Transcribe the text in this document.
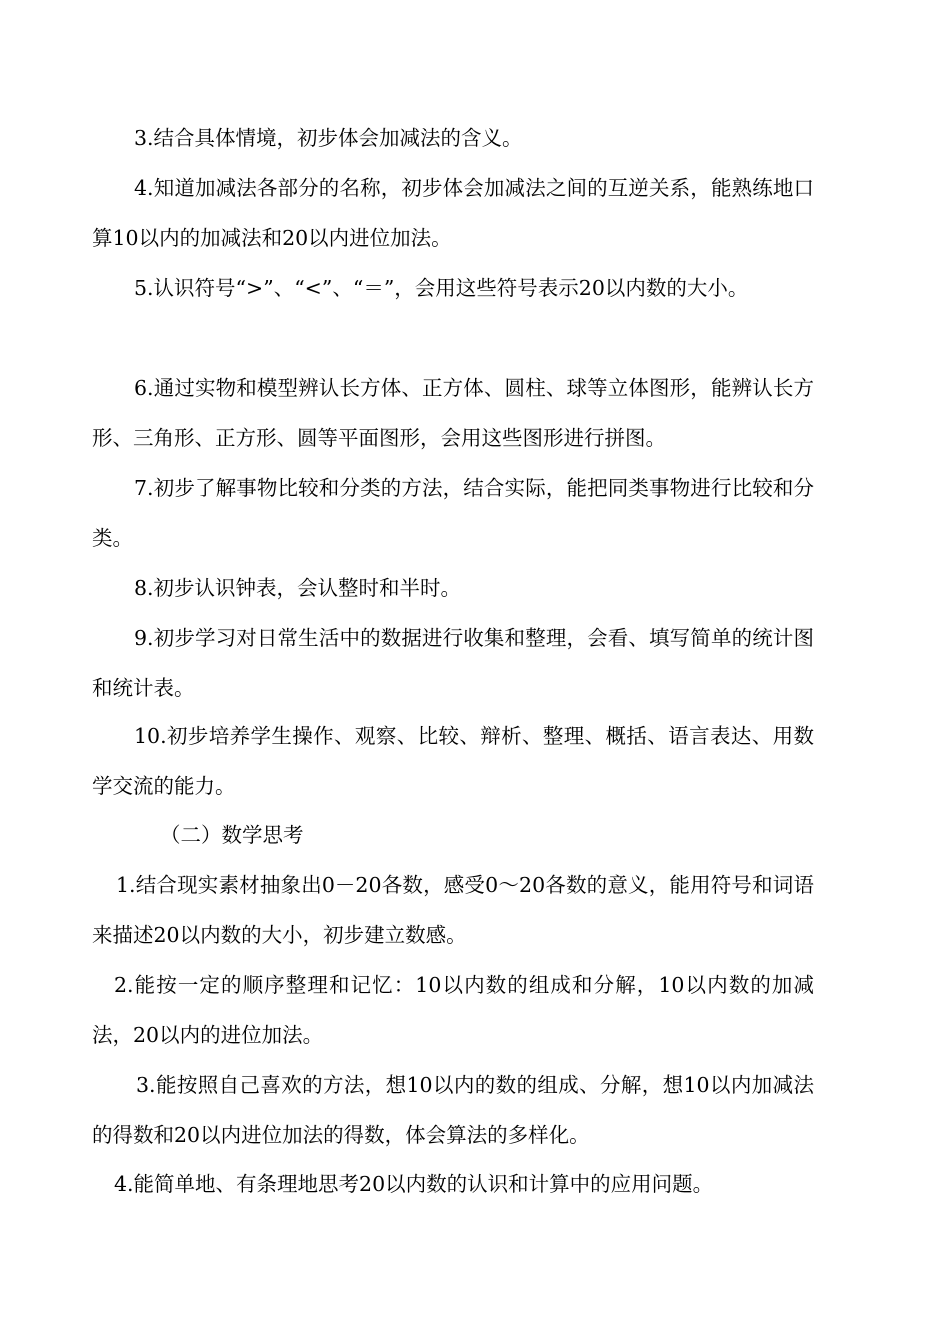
3.结合具体情境，初步体会加减法的含义。

4.知道加减法各部分的名称，初步体会加减法之间的互逆关系，能熟练地口算10以内的加减法和20以内进位加法。

5.认识符号“>”、“<”、“＝”，会用这些符号表示20以内数的大小。

6.通过实物和模型辨认长方体、正方体、圆柱、球等立体图形，能辨认长方形、三角形、正方形、圆等平面图形，会用这些图形进行拼图。

7.初步了解事物比较和分类的方法，结合实际，能把同类事物进行比较和分类。

8.初步认识钟表，会认整时和半时。

9.初步学习对日常生活中的数据进行收集和整理，会看、填写简单的统计图和统计表。

10.初步培养学生操作、观察、比较、辩析、整理、概括、语言表达、用数学交流的能力。

（二）数学思考

1.结合现实素材抽象出0－20各数，感受0～20各数的意义，能用符号和词语来描述20以内数的大小，初步建立数感。

2.能按一定的顺序整理和记忆：10以内数的组成和分解，10以内数的加减法，20以内的进位加法。

3.能按照自己喜欢的方法，想10以内的数的组成、分解，想10以内加减法的得数和20以内进位加法的得数，体会算法的多样化。

4.能简单地、有条理地思考20以内数的认识和计算中的应用问题。
